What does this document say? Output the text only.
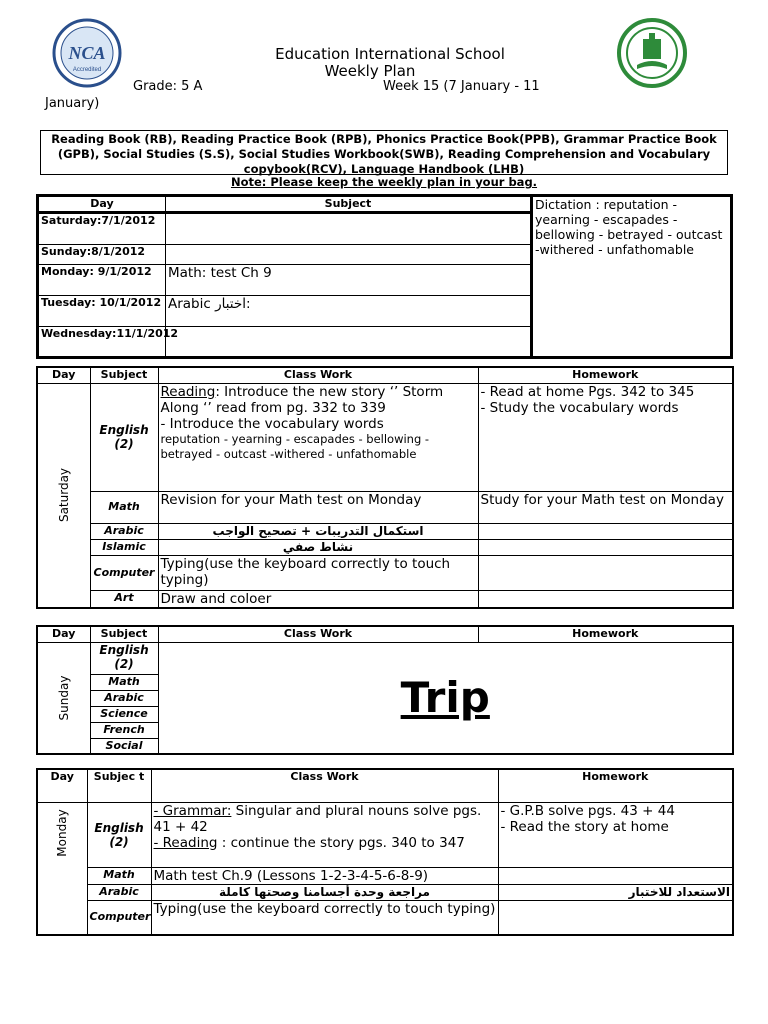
NCA
Accredited
Education International School
Weekly Plan
Grade: 5 A	Week 15 (7 January - 11
January)
Reading Book (RB), Reading Practice Book (RPB), Phonics Practice Book(PPB), Grammar Practice Book (GPB), Social Studies (S.S), Social Studies Workbook(SWB), Reading Comprehension and Vocabulary copybook(RCV), Language Handbook (LHB)
Note: Please keep the weekly plan in your bag.
Day	Subject	Dictation : reputation - yearning - escapades - bellowing - betrayed - outcast -withered - unfathomable
Saturday:7/1/2012		
Sunday:8/1/2012		
Monday: 9/1/2012	Math: test Ch 9	
Tuesday: 10/1/2012	Arabic اختبار:	
Wednesday:11/1/2012		
Day	Subject	Class Work	Homework

Saturday	English (2)	Reading: Introduce the new story ‘’ Storm Along ‘’ read from pg. 332 to 339
- Introduce the vocabulary words

reputation - yearning - escapades - bellowing - betrayed - outcast -withered - unfathomable	- Read at home Pgs. 342 to 345
- Study the vocabulary words
	Math	Revision for your Math test on Monday	Study for your Math test on Monday
	Arabic	استكمال التدريبات + تصحيح الواجب	
	Islamic	نشاط صفي	
	Computer	Typing(use the keyboard correctly to touch typing)	
	Art	Draw and coloer	
Day	Subject	Class Work	Homework

Sunday	English (2)	Trip	
	Math		
	Arabic		
	Science		
	French		
	Social		
Day	Subjec t	Class Work	Homework

Monday	English (2)	- Grammar: Singular and plural nouns solve pgs. 41 + 42
- Reading : continue the story pgs. 340 to 347	- G.P.B solve pgs. 43 + 44
- Read the story at home
	Math	Math test Ch.9 (Lessons 1-2-3-4-5-6-8-9)	
	Arabic	مراجعة وحدة أجسامنا وصحتها كاملة	الاستعداد للاختبار
	Computer	Typing(use the keyboard correctly to touch typing)	
